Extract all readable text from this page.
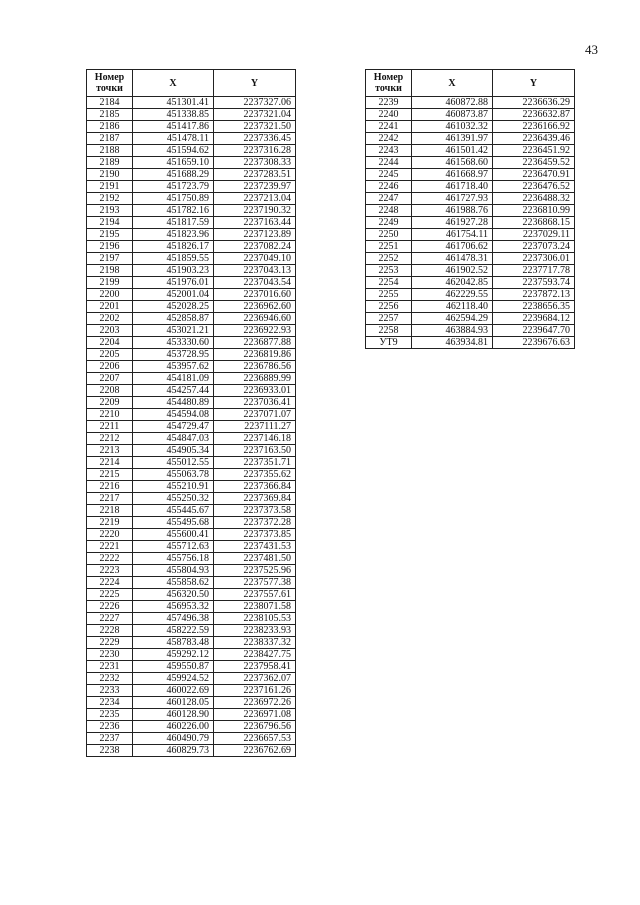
43
Номер точки	X	Y
2184	451301.41	2237327.06
2185	451338.85	2237321.04
2186	451417.86	2237321.50
2187	451478.11	2237336.45
2188	451594.62	2237316.28
2189	451659.10	2237308.33
2190	451688.29	2237283.51
2191	451723.79	2237239.97
2192	451750.89	2237213.04
2193	451782.16	2237190.32
2194	451817.59	2237163.44
2195	451823.96	2237123.89
2196	451826.17	2237082.24
2197	451859.55	2237049.10
2198	451903.23	2237043.13
2199	451976.01	2237043.54
2200	452001.04	2237016.60
2201	452028.25	2236962.60
2202	452858.87	2236946.60
2203	453021.21	2236922.93
2204	453330.60	2236877.88
2205	453728.95	2236819.86
2206	453957.62	2236786.56
2207	454181.09	2236889.99
2208	454257.44	2236933.01
2209	454480.89	2237036.41
2210	454594.08	2237071.07
2211	454729.47	2237111.27
2212	454847.03	2237146.18
2213	454905.34	2237163.50
2214	455012.55	2237351.71
2215	455063.78	2237355.62
2216	455210.91	2237366.84
2217	455250.32	2237369.84
2218	455445.67	2237373.58
2219	455495.68	2237372.28
2220	455600.41	2237373.85
2221	455712.63	2237431.53
2222	455756.18	2237481.50
2223	455804.93	2237525.96
2224	455858.62	2237577.38
2225	456320.50	2237557.61
2226	456953.32	2238071.58
2227	457496.38	2238105.53
2228	458222.59	2238233.93
2229	458783.48	2238337.32
2230	459292.12	2238427.75
2231	459550.87	2237958.41
2232	459924.52	2237362.07
2233	460022.69	2237161.26
2234	460128.05	2236972.26
2235	460128.90	2236971.08
2236	460226.00	2236796.56
2237	460490.79	2236657.53
2238	460829.73	2236762.69
Номер точки	X	Y
2239	460872.88	2236636.29
2240	460873.87	2236632.87
2241	461032.32	2236166.92
2242	461391.97	2236439.46
2243	461501.42	2236451.92
2244	461568.60	2236459.52
2245	461668.97	2236470.91
2246	461718.40	2236476.52
2247	461727.93	2236488.32
2248	461988.76	2236810.99
2249	461927.28	2236868.15
2250	461754.11	2237029.11
2251	461706.62	2237073.24
2252	461478.31	2237306.01
2253	461902.52	2237717.78
2254	462042.85	2237593.74
2255	462229.55	2237872.13
2256	462118.40	2238656.35
2257	462594.29	2239684.12
2258	463884.93	2239647.70
УТ9	463934.81	2239676.63
